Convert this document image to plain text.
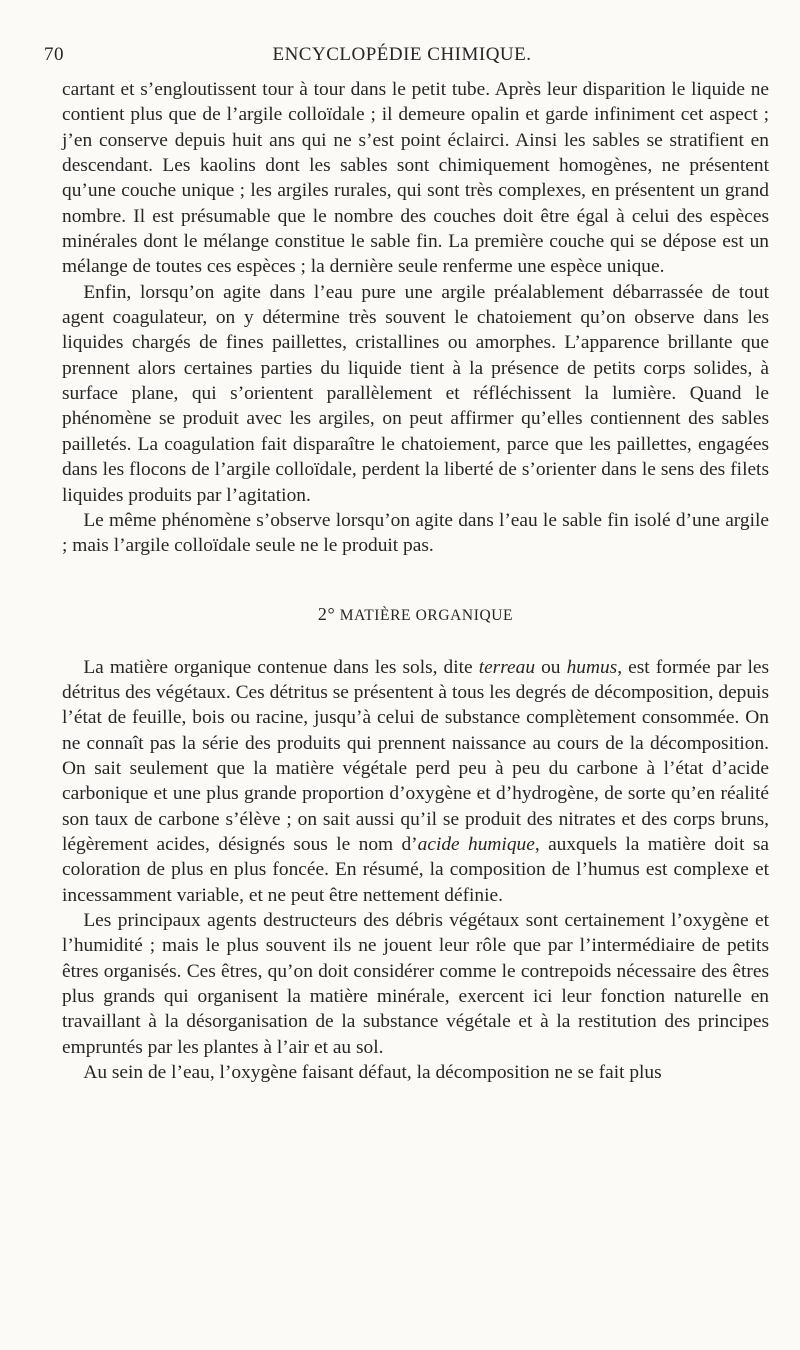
70	ENCYCLOPÉDIE CHIMIQUE.

cartant et s’engloutissent tour à tour dans le petit tube. Après leur disparition le liquide ne contient plus que de l’argile colloïdale ; il demeure opalin et garde infiniment cet aspect ; j’en conserve depuis huit ans qui ne s’est point éclairci. Ainsi les sables se stratifient en descendant. Les kaolins dont les sables sont chimiquement homogènes, ne présentent qu’une couche unique ; les argiles rurales, qui sont très complexes, en présentent un grand nombre. Il est présumable que le nombre des couches doit être égal à celui des espèces minérales dont le mélange constitue le sable fin. La première couche qui se dépose est un mélange de toutes ces espèces ; la dernière seule renferme une espèce unique.

Enfin, lorsqu’on agite dans l’eau pure une argile préalablement débarrassée de tout agent coagulateur, on y détermine très souvent le chatoiement qu’on observe dans les liquides chargés de fines paillettes, cristallines ou amorphes. L’apparence brillante que prennent alors certaines parties du liquide tient à la présence de petits corps solides, à surface plane, qui s’orientent parallèlement et réfléchissent la lumière. Quand le phénomène se produit avec les argiles, on peut affirmer qu’elles contiennent des sables pailletés. La coagulation fait disparaître le chatoiement, parce que les paillettes, engagées dans les flocons de l’argile colloïdale, perdent la liberté de s’orienter dans le sens des filets liquides produits par l’agitation.

Le même phénomène s’observe lorsqu’on agite dans l’eau le sable fin isolé d’une argile ; mais l’argile colloïdale seule ne le produit pas.

2° MATIÈRE ORGANIQUE

La matière organique contenue dans les sols, dite terreau ou humus, est formée par les détritus des végétaux. Ces détritus se présentent à tous les degrés de décomposition, depuis l’état de feuille, bois ou racine, jusqu’à celui de substance complètement consommée. On ne connaît pas la série des produits qui prennent naissance au cours de la décomposition. On sait seulement que la matière végétale perd peu à peu du carbone à l’état d’acide carbonique et une plus grande proportion d’oxygène et d’hydrogène, de sorte qu’en réalité son taux de carbone s’élève ; on sait aussi qu’il se produit des nitrates et des corps bruns, légèrement acides, désignés sous le nom d’acide humique, auxquels la matière doit sa coloration de plus en plus foncée. En résumé, la composition de l’humus est complexe et incessamment variable, et ne peut être nettement définie.

Les principaux agents destructeurs des débris végétaux sont certainement l’oxygène et l’humidité ; mais le plus souvent ils ne jouent leur rôle que par l’intermédiaire de petits êtres organisés. Ces êtres, qu’on doit considérer comme le contrepoids nécessaire des êtres plus grands qui organisent la matière minérale, exercent ici leur fonction naturelle en travaillant à la désorganisation de la substance végétale et à la restitution des principes empruntés par les plantes à l’air et au sol.

Au sein de l’eau, l’oxygène faisant défaut, la décomposition ne se fait plus
